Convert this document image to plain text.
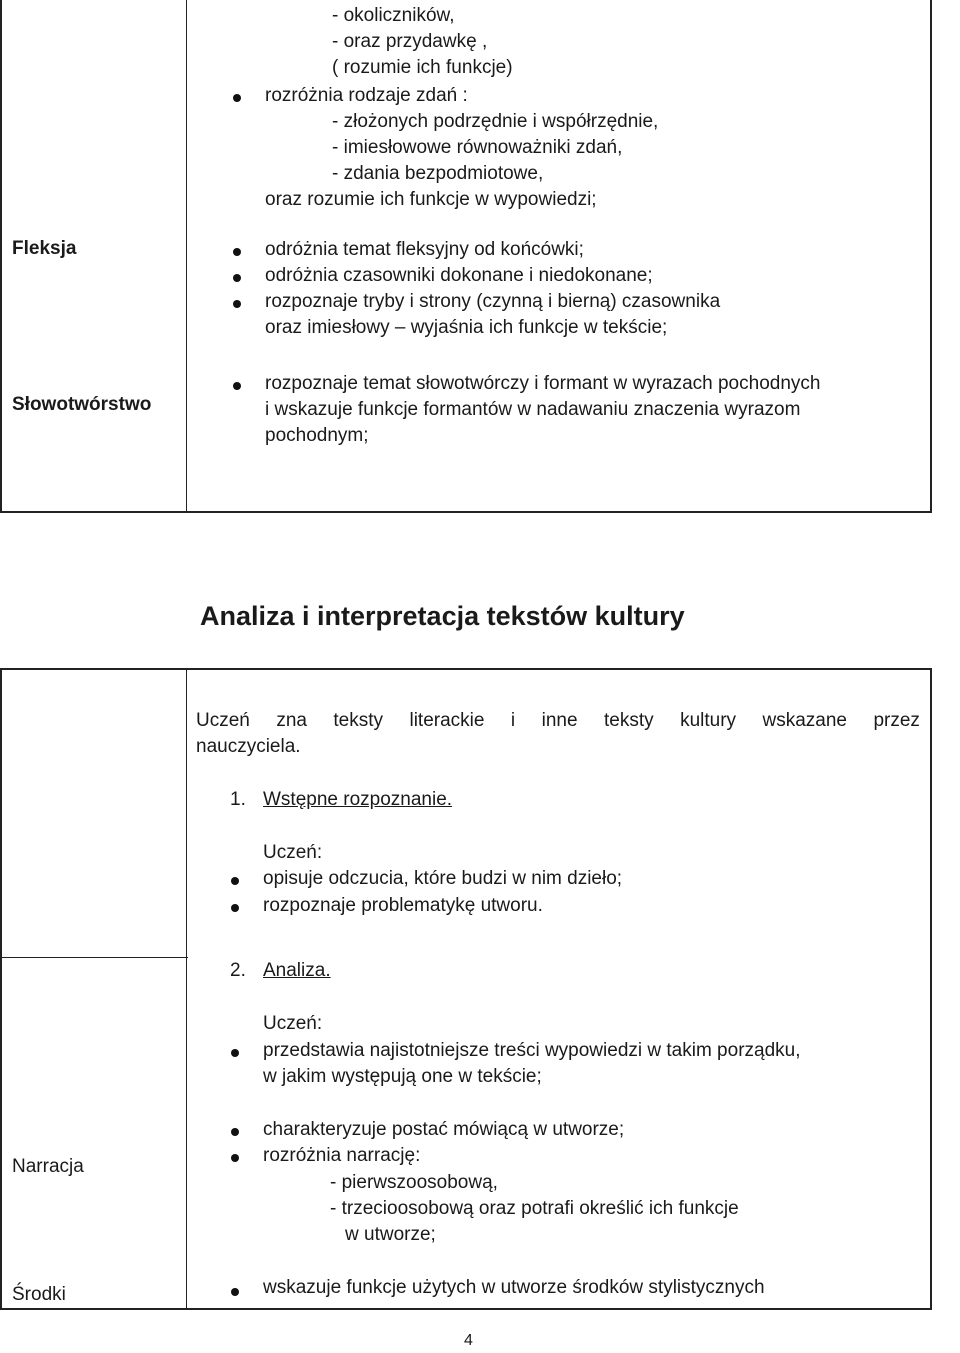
Fleksja
Słowotwórstwo
- okoliczników,
- oraz przydawkę ,
( rozumie ich funkcje)
rozróżnia rodzaje zdań :
- złożonych podrzędnie i współrzędnie,
- imiesłowowe równoważniki zdań,
- zdania bezpodmiotowe,
oraz rozumie ich funkcje w wypowiedzi;
odróżnia temat fleksyjny od końcówki;
odróżnia czasowniki dokonane i niedokonane;
rozpoznaje tryby i strony (czynną i bierną) czasownika
oraz imiesłowy – wyjaśnia ich funkcje w tekście;
rozpoznaje temat słowotwórczy i formant w wyrazach pochodnych
i wskazuje funkcje formantów w nadawaniu znaczenia wyrazom
pochodnym;
Analiza i interpretacja tekstów kultury
Uczeń zna teksty literackie i inne teksty kultury wskazane przez
nauczyciela.
1. Wstępne rozpoznanie.
Uczeń:
opisuje odczucia, które budzi w nim dzieło;
rozpoznaje problematykę utworu.
2. Analiza.
Uczeń:
przedstawia najistotniejsze treści wypowiedzi w takim porządku,
w jakim występują one w tekście;
charakteryzuje postać mówiącą w utworze;
rozróżnia narrację:
- pierwszoosobową,
- trzecioosobową oraz potrafi określić ich funkcje
w utworze;
wskazuje funkcje użytych w utworze środków stylistycznych
Narracja
Środki
4
